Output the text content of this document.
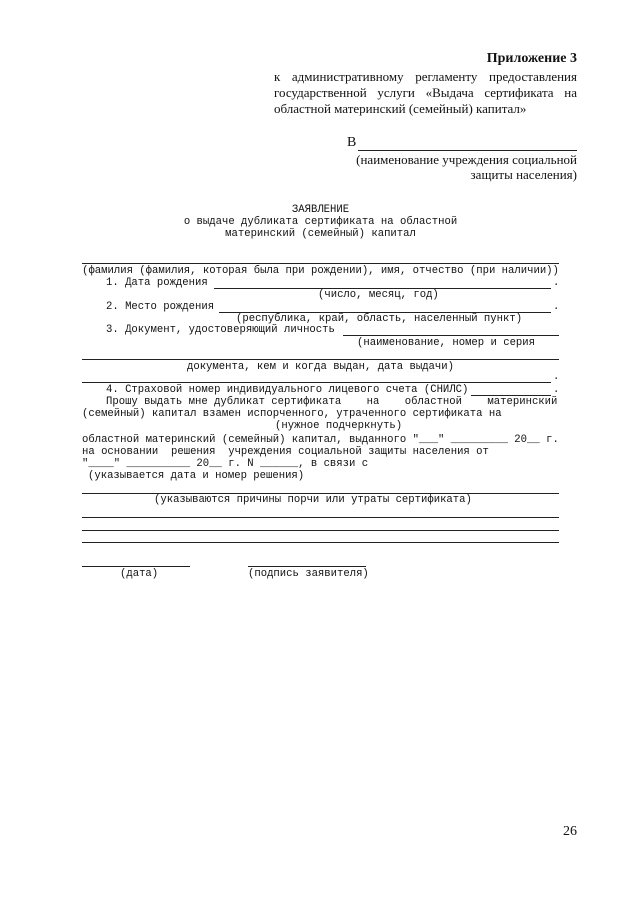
Приложение 3
к административному регламенту предоставления
государственной услуги «Выдача сертификата на
областной материнский (семейный) капитал»
В
(наименование учреждения социальной
защиты населения)
ЗАЯВЛЕНИЕ
о выдаче дубликата сертификата на областной
материнский (семейный) капитал
(фамилия (фамилия, которая была при рождении), имя, отчество (при наличии))
1. Дата рождения	.
(число, месяц, год)
2. Место рождения	.
(республика, край, область, населенный пункт)
3. Документ, удостоверяющий личность
(наименование, номер и серия
документа, кем и когда выдан, дата выдачи)
.
4. Страховой номер индивидуального лицевого счета (СНИЛС)	.
Прошу выдать мне дубликат сертификата    на    областной    материнский
(семейный) капитал взамен испорченного, утраченного сертификата на
(нужное подчеркнуть)
областной материнский (семейный) капитал, выданного "___" _________ 20__ г.
на основании  решения  учреждения социальной защиты населения от
"____" __________ 20__ г. N ______, в связи с
(указывается дата и номер решения)
(указываются причины порчи или утраты сертификата)
(дата)	(подпись заявителя)
26
